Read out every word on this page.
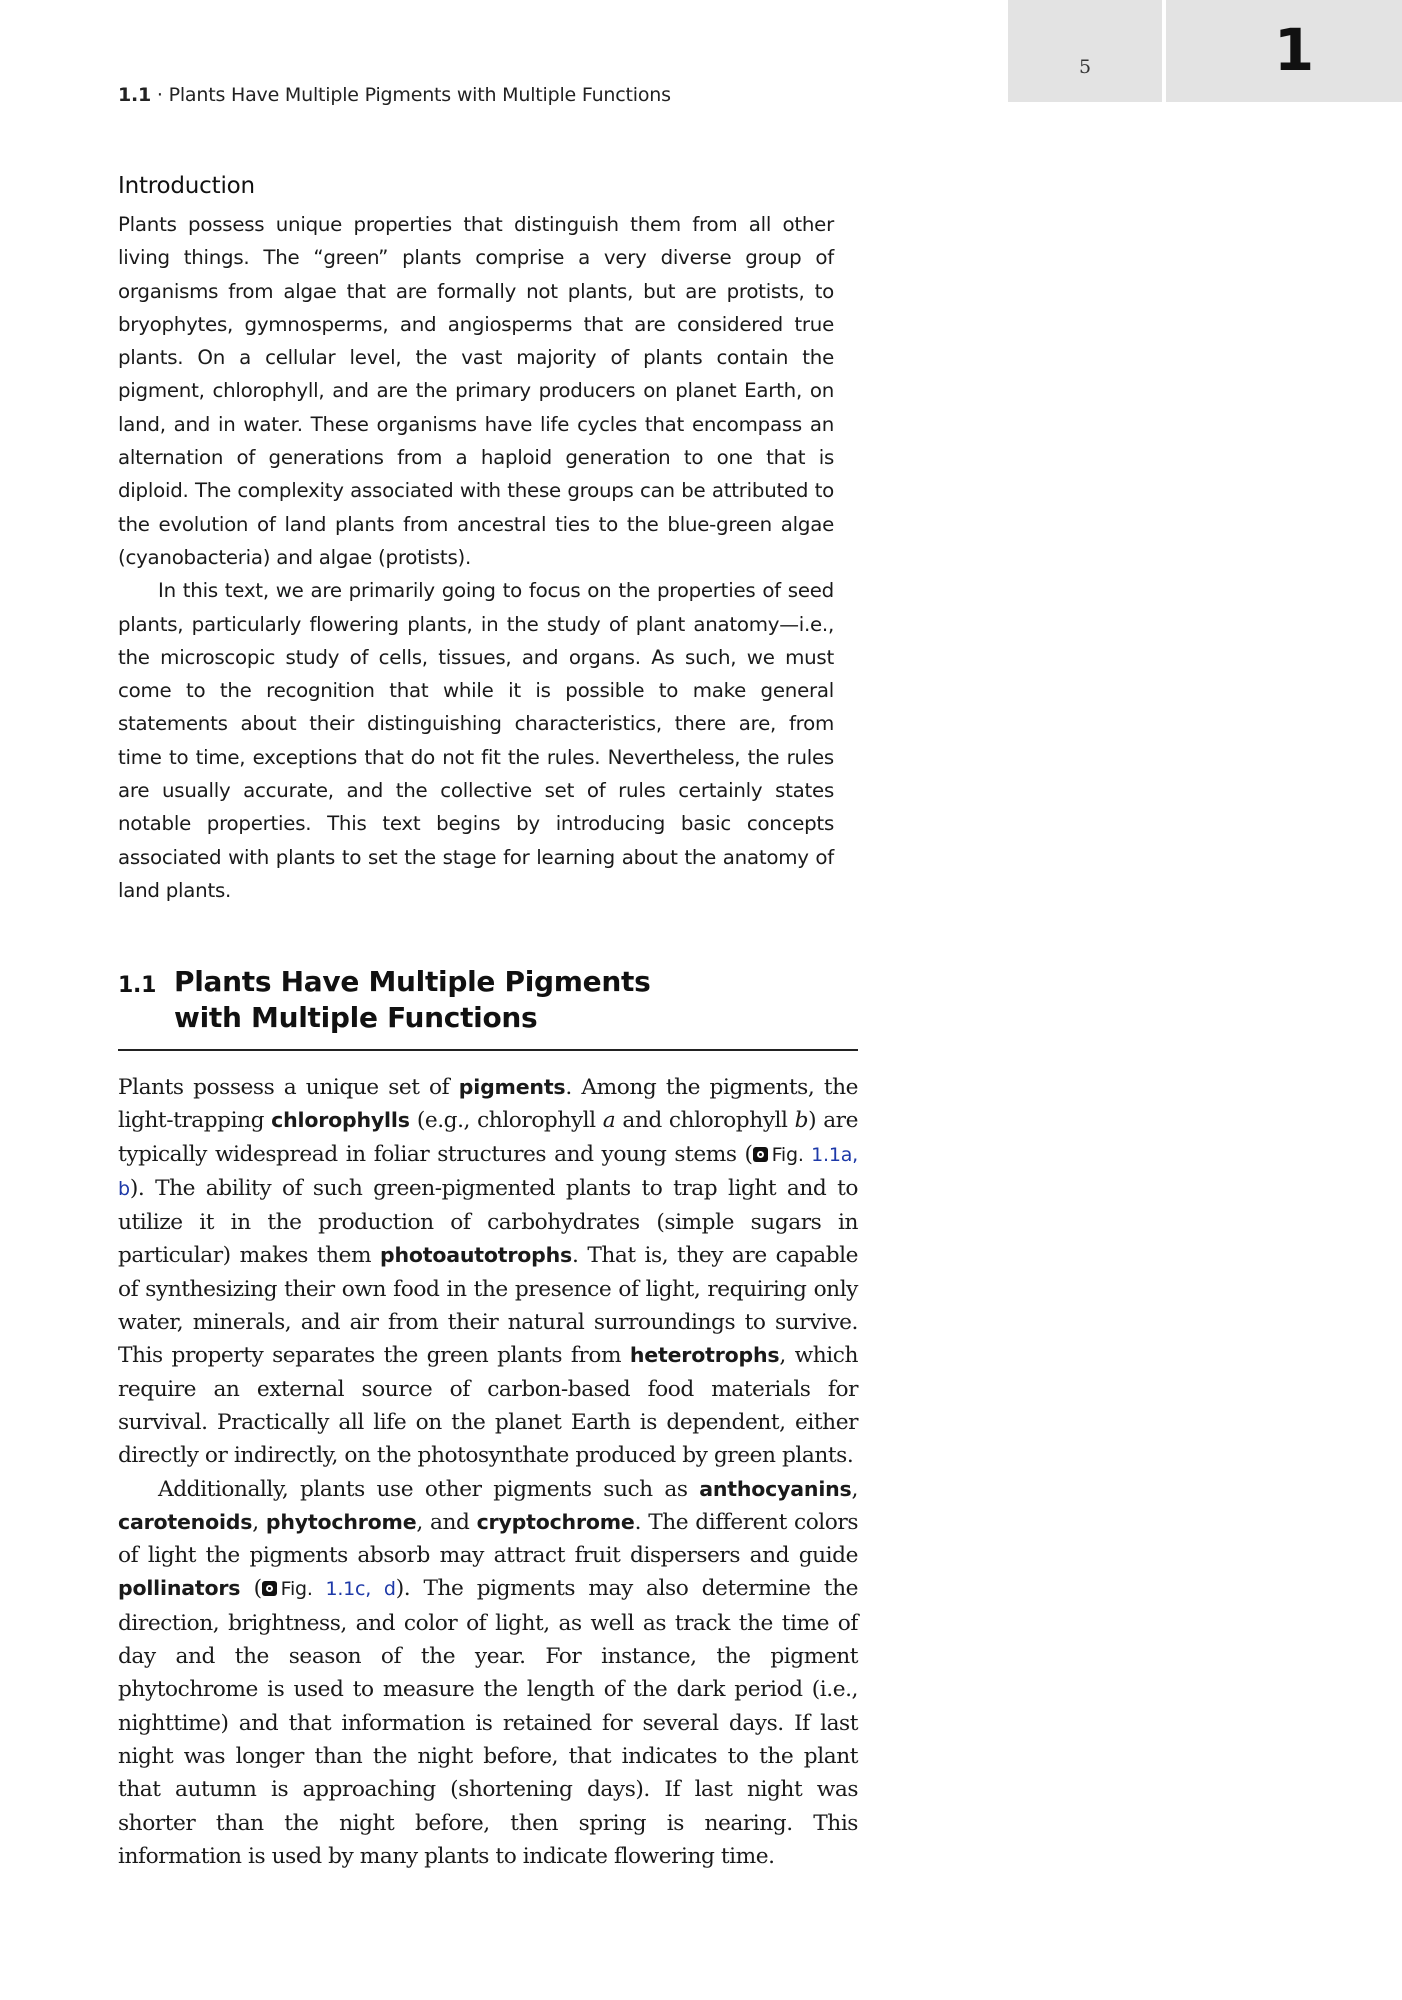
5	1
1.1 · Plants Have Multiple Pigments with Multiple Functions
Introduction

Plants possess unique properties that distinguish them from all other living things. The “green” plants comprise a very diverse group of organisms from algae that are formally not plants, but are protists, to bryophytes, gymnosperms, and angiosperms that are considered true plants. On a cellular level, the vast majority of plants contain the pigment, chlorophyll, and are the primary producers on planet Earth, on land, and in water. These organisms have life cycles that encompass an alternation of generations from a haploid generation to one that is diploid. The complexity associated with these groups can be attributed to the evolution of land plants from ancestral ties to the blue-green algae (cyanobacteria) and algae (protists).

In this text, we are primarily going to focus on the properties of seed plants, particularly flowering plants, in the study of plant anatomy—i.e., the microscopic study of cells, tissues, and organs. As such, we must come to the recognition that while it is possible to make general statements about their distinguishing characteristics, there are, from time to time, exceptions that do not fit the rules. Nevertheless, the rules are usually accurate, and the collective set of rules certainly states notable properties. This text begins by introducing basic concepts associated with plants to set the stage for learning about the anatomy of land plants.

1.1 Plants Have Multiple Pigments
with Multiple Functions

Plants possess a unique set of pigments. Among the pigments, the light-trapping chlorophylls (e.g., chlorophyll a and chlorophyll b) are typically widespread in foliar structures and young stems ( Fig. 1.1a, b). The ability of such green-pigmented plants to trap light and to utilize it in the production of carbohydrates (simple sugars in particular) makes them photoautotrophs. That is, they are capable of synthesizing their own food in the presence of light, requiring only water, minerals, and air from their natural surroundings to survive. This property separates the green plants from heterotrophs, which require an external source of carbon-based food materials for survival. Practically all life on the planet Earth is dependent, either directly or indirectly, on the photosynthate produced by green plants.

Additionally, plants use other pigments such as anthocyanins, carotenoids, phytochrome, and cryptochrome. The different colors of light the pigments absorb may attract fruit dispersers and guide pollinators ( Fig. 1.1c, d). The pigments may also determine the direction, brightness, and color of light, as well as track the time of day and the season of the year. For instance, the pigment phytochrome is used to measure the length of the dark period (i.e., nighttime) and that information is retained for several days. If last night was longer than the night before, that indicates to the plant that autumn is approaching (shortening days). If last night was shorter than the night before, then spring is nearing. This information is used by many plants to indicate flowering time.
